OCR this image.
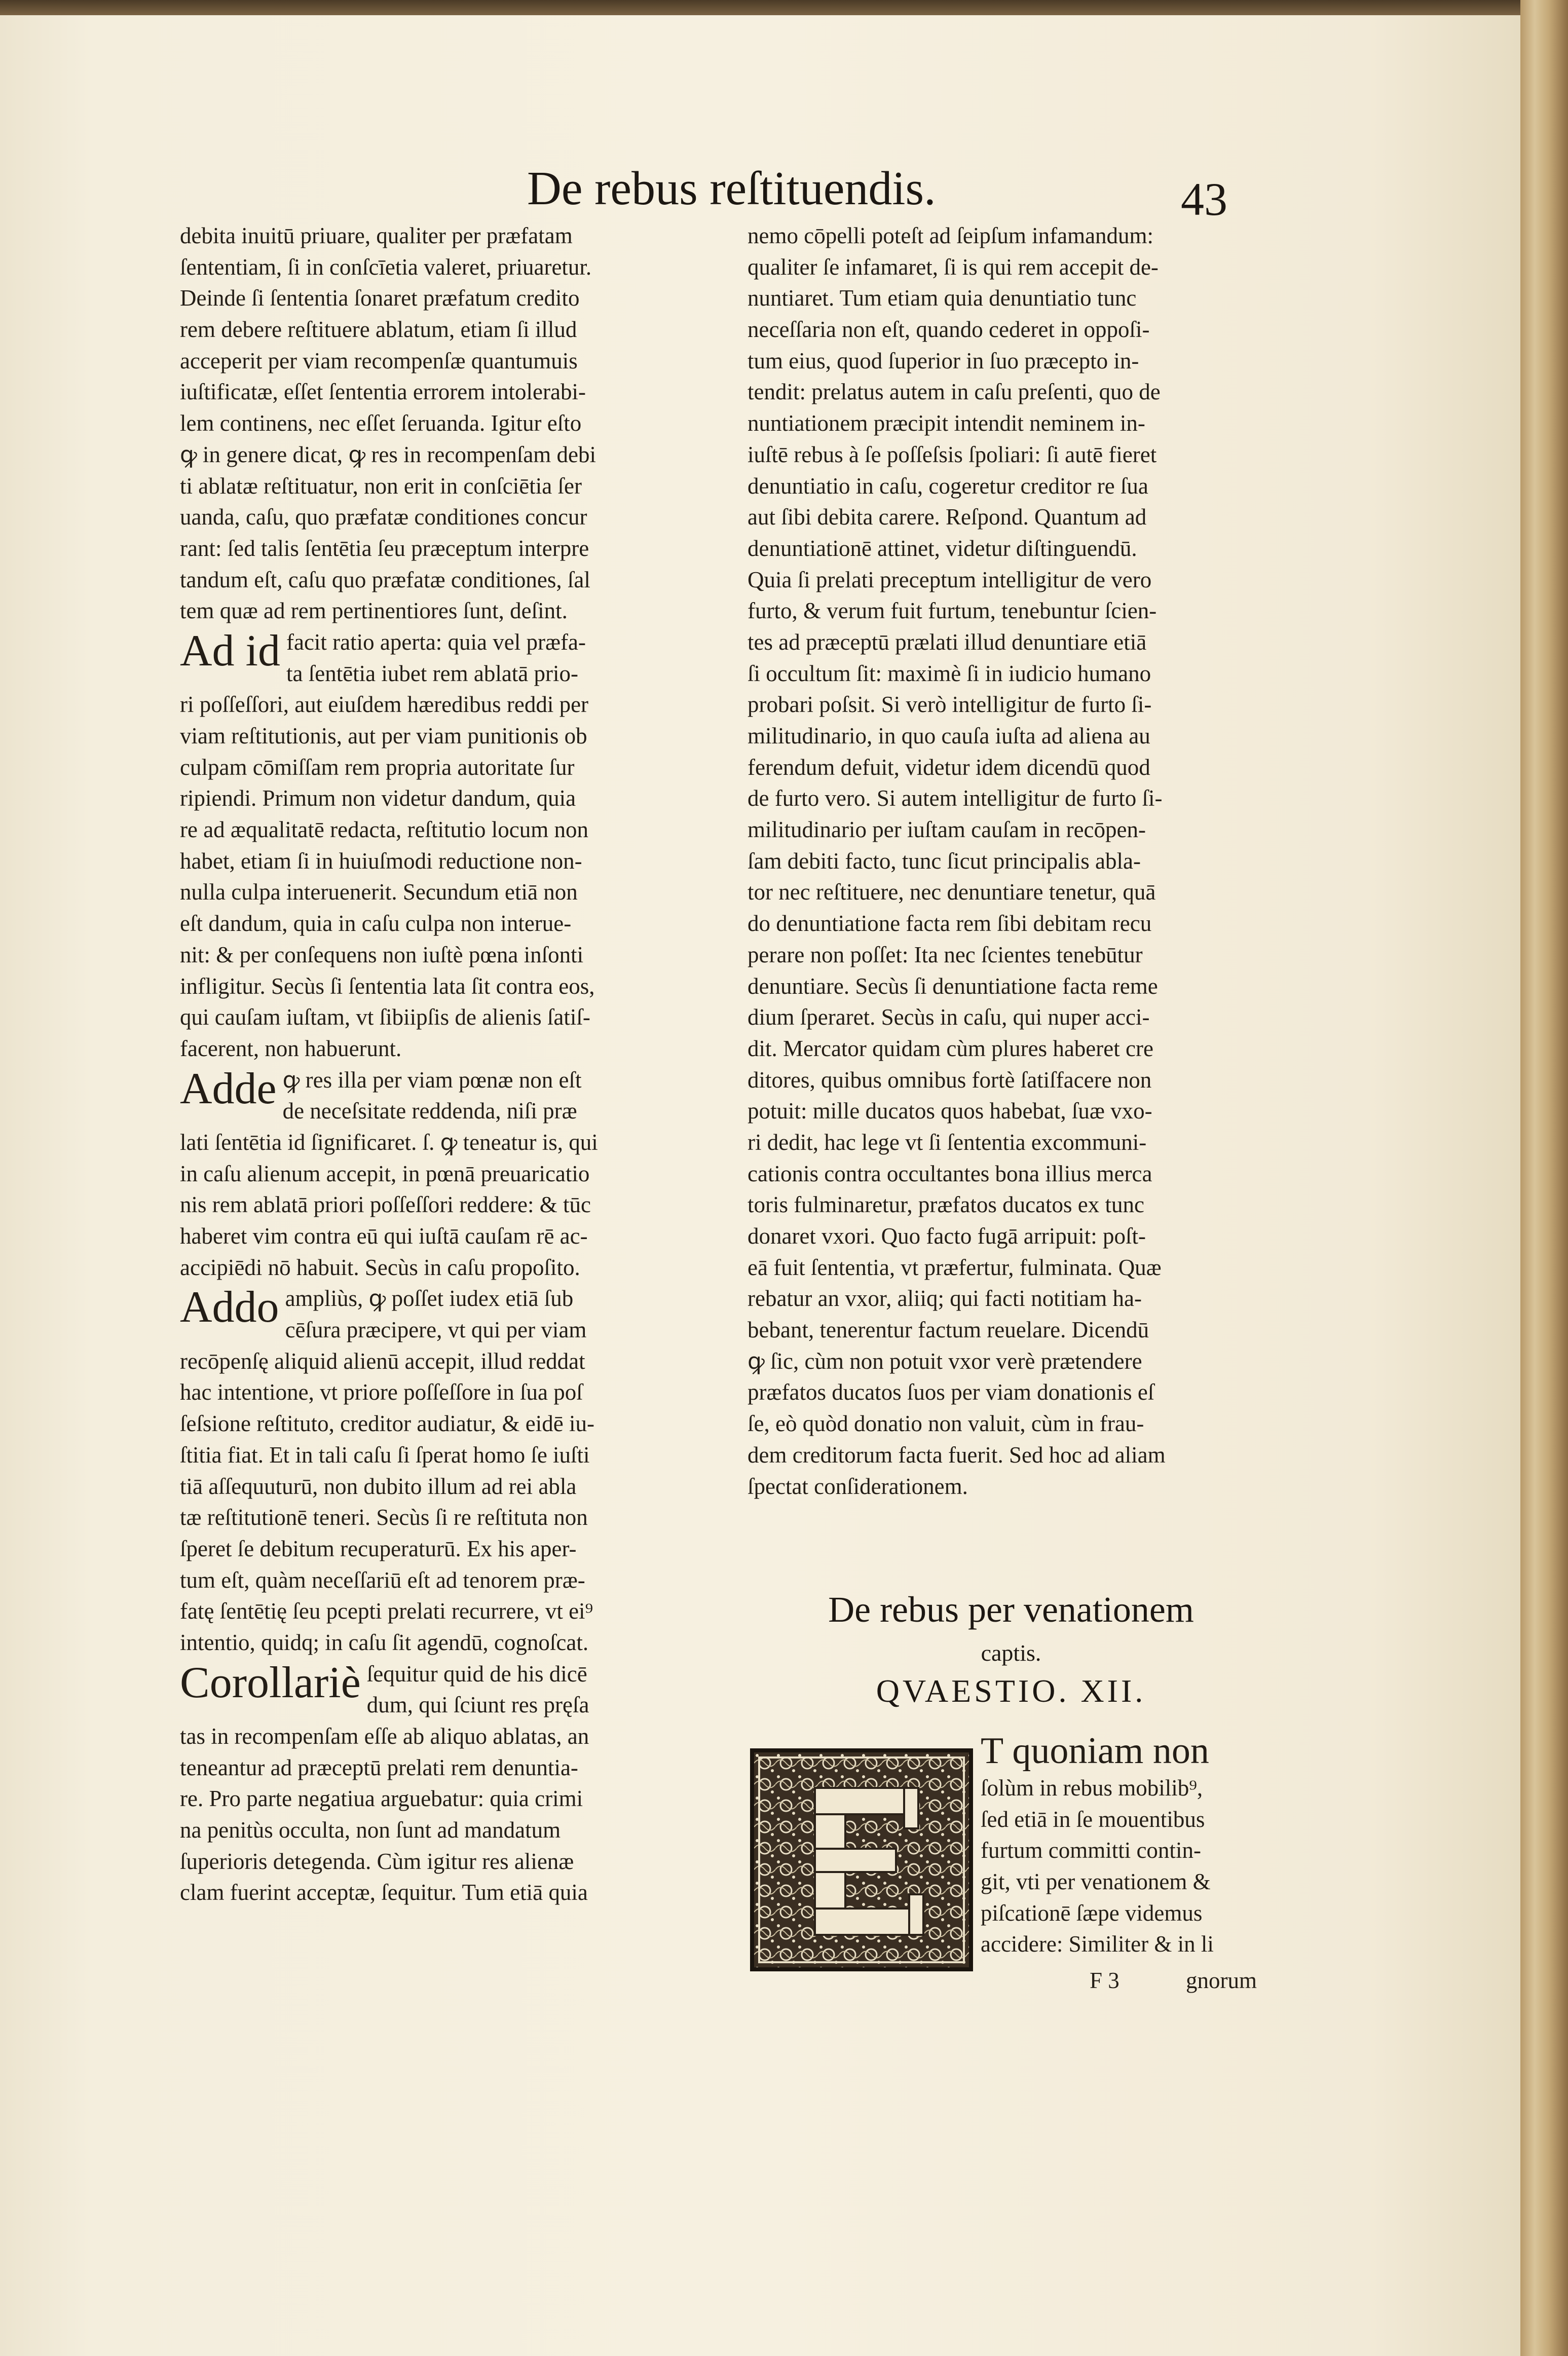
De rebus reſtituendis.	43
debita inuitū priuare, qualiter per præfatam
ſententiam, ſi in conſcīetia valeret, priuaretur.
Deinde ſi ſententia ſonaret præfatum credito
rem debere reſtituere ablatum, etiam ſi illud
acceperit per viam recompenſæ quantumuis
iuſtificatæ, eſſet ſententia errorem intolerabi-
lem continens, nec eſſet ſeruanda. Igitur eſto
ꝙ in genere dicat, ꝙ res in recompenſam debi
ti ablatæ reſtituatur, non erit in conſciētia ſer
uanda, caſu, quo præfatæ conditiones concur
rant: ſed talis ſentētia ſeu præceptum interpre
tandum eſt, caſu quo præfatæ conditiones, ſal
tem quæ ad rem pertinentiores ſunt, deſint.
Ad id facit ratio aperta: quia vel præfa-
ta ſentētia iubet rem ablatā prio-
ri poſſeſſori, aut eiuſdem hæredibus reddi per
viam reſtitutionis, aut per viam punitionis ob
culpam cōmiſſam rem propria autoritate ſur
ripiendi. Primum non videtur dandum, quia
re ad æqualitatē redacta, reſtitutio locum non
habet, etiam ſi in huiuſmodi reductione non-
nulla culpa interuenerit. Secundum etiā non
eſt dandum, quia in caſu culpa non interue-
nit: & per conſequens non iuſtè pœna inſonti
infligitur. Secùs ſi ſententia lata ſit contra eos,
qui cauſam iuſtam, vt ſibiipſis de alienis ſatiſ-
facerent, non habuerunt.
Adde ꝙ res illa per viam pœnæ non eſt
de neceſsitate reddenda, niſi præ
lati ſentētia id ſignificaret. ſ. ꝙ teneatur is, qui
in caſu alienum accepit, in pœnā preuaricatio
nis rem ablatā priori poſſeſſori reddere: & tūc
haberet vim contra eū qui iuſtā cauſam rē ac-
accipiēdi nō habuit. Secùs in caſu propoſito.
Addo ampliùs, ꝙ poſſet iudex etiā ſub
cēſura præcipere, vt qui per viam
recōpenſę aliquid alienū accepit, illud reddat
hac intentione, vt priore poſſeſſore in ſua poſ
ſeſsione reſtituto, creditor audiatur, & eidē iu-
ſtitia fiat. Et in tali caſu ſi ſperat homo ſe iuſti
tiā aſſequuturū, non dubito illum ad rei abla
tæ reſtitutionē teneri. Secùs ſi re reſtituta non
ſperet ſe debitum recuperaturū. Ex his aper-
tum eſt, quàm neceſſariū eſt ad tenorem præ-
fatę ſentētię ſeu pcepti prelati recurrere, vt ei⁹
intentio, quidq; in caſu ſit agendū, cognoſcat.
Corollariè ſequitur quid de his dicē
dum, qui ſciunt res pręſa
tas in recompenſam eſſe ab aliquo ablatas, an
teneantur ad præceptū prelati rem denuntia-
re. Pro parte negatiua arguebatur: quia crimi
na penitùs occulta, non ſunt ad mandatum
ſuperioris detegenda. Cùm igitur res alienæ
clam fuerint acceptæ, ſequitur. Tum etiā quia
nemo cōpelli poteſt ad ſeipſum infamandum:
qualiter ſe infamaret, ſi is qui rem accepit de-
nuntiaret. Tum etiam quia denuntiatio tunc
neceſſaria non eſt, quando cederet in oppoſi-
tum eius, quod ſuperior in ſuo præcepto in-
tendit: prelatus autem in caſu preſenti, quo de
nuntiationem præcipit intendit neminem in-
iuſtē rebus à ſe poſſeſsis ſpoliari: ſi autē fieret
denuntiatio in caſu, cogeretur creditor re ſua
aut ſibi debita carere. Reſpond. Quantum ad
denuntiationē attinet, videtur diſtinguendū.
Quia ſi prelati preceptum intelligitur de vero
furto, & verum fuit furtum, tenebuntur ſcien-
tes ad præceptū prælati illud denuntiare etiā
ſi occultum ſit: maximè ſi in iudicio humano
probari poſsit. Si verò intelligitur de furto ſi-
militudinario, in quo cauſa iuſta ad aliena au
ferendum defuit, videtur idem dicendū quod
de furto vero. Si autem intelligitur de furto ſi-
militudinario per iuſtam cauſam in recōpen-
ſam debiti facto, tunc ſicut principalis abla-
tor nec reſtituere, nec denuntiare tenetur, quā
do denuntiatione facta rem ſibi debitam recu
perare non poſſet: Ita nec ſcientes tenebūtur
denuntiare. Secùs ſi denuntiatione facta reme
dium ſperaret. Secùs in caſu, qui nuper acci-
dit. Mercator quidam cùm plures haberet cre
ditores, quibus omnibus fortè ſatiſfacere non
potuit: mille ducatos quos habebat, ſuæ vxo-
ri dedit, hac lege vt ſi ſententia excommuni-
cationis contra occultantes bona illius merca
toris fulminaretur, præfatos ducatos ex tunc
donaret vxori. Quo facto fugā arripuit: poſt-
eā fuit ſententia, vt præfertur, fulminata. Quæ
rebatur an vxor, aliiq; qui facti notitiam ha-
bebant, tenerentur factum reuelare. Dicendū
ꝙ ſic, cùm non potuit vxor verè prætendere
præfatos ducatos ſuos per viam donationis eſ
ſe, eò quòd donatio non valuit, cùm in frau-
dem creditorum facta fuerit. Sed hoc ad aliam
ſpectat conſiderationem.
De rebus per venationem
captis.
QVAESTIO. XII.
T quoniam non
ſolùm in rebus mobilib⁹,
ſed etiā in ſe mouentibus
furtum committi contin-
git, vti per venationem &
piſcationē ſæpe videmus
accidere: Similiter & in li
F 3	gnorum
